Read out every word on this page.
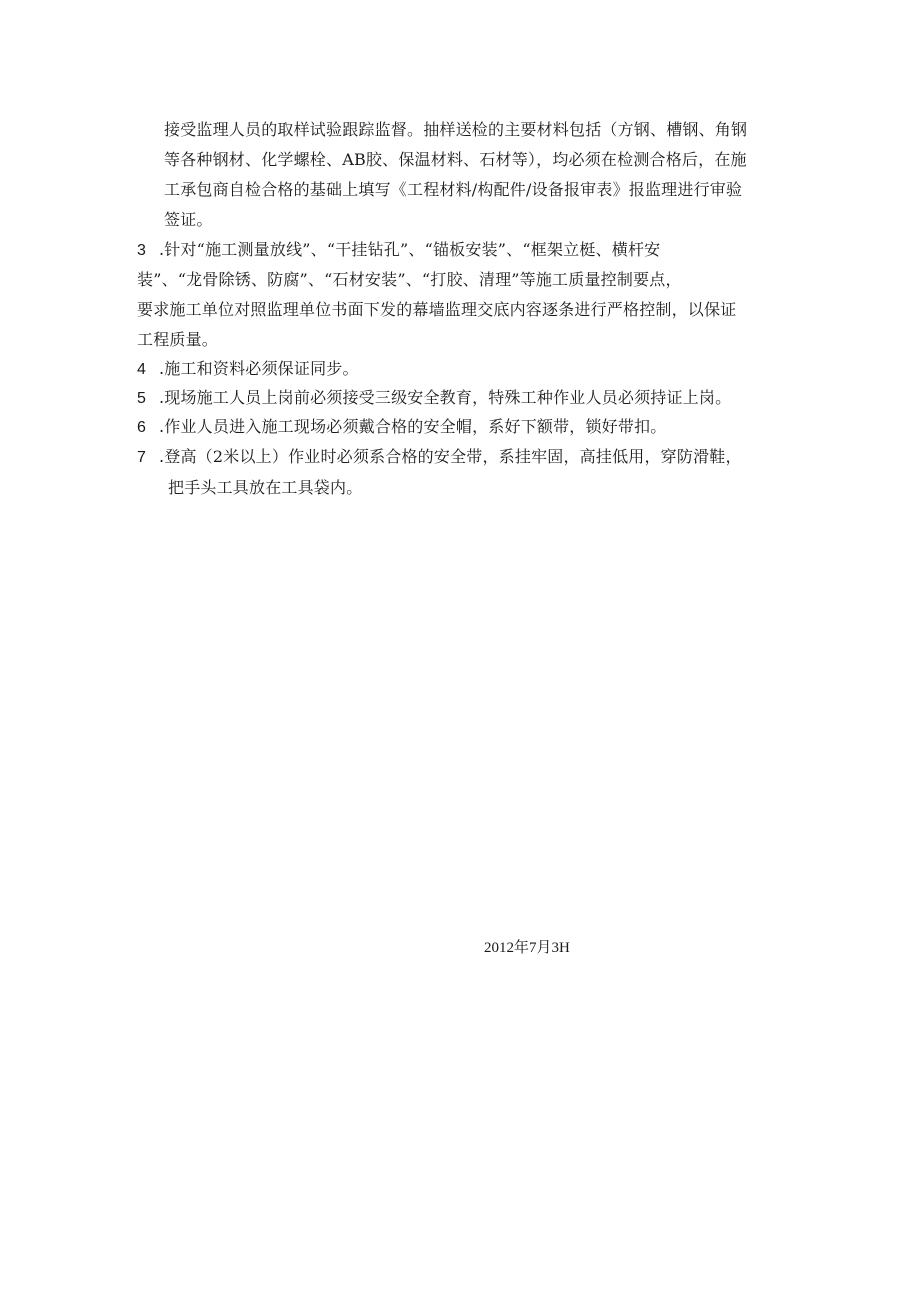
接受监理人员的取样试验跟踪监督。抽样送检的主要材料包括（方钢、槽钢、角钢
等各种钢材、化学螺栓、AB胶、保温材料、石材等），均必须在检测合格后，在施
工承包商自检合格的基础上填写《工程材料/构配件/设备报审表》报监理进行审验
签证。
3 .针对“施工测量放线”、“干挂钻孔”、“锚板安装”、“框架立梃、横杆安
装”、“龙骨除锈、防腐”、“石材安装”、“打胶、清理”等施工质量控制要点，
要求施工单位对照监理单位书面下发的幕墙监理交底内容逐条进行严格控制，以保证
工程质量。
4 .施工和资料必须保证同步。
5 .现场施工人员上岗前必须接受三级安全教育，特殊工种作业人员必须持证上岗。
6 .作业人员进入施工现场必须戴合格的安全帽，系好下额带，锁好带扣。
7 .登高（2米以上）作业时必须系合格的安全带，系挂牢固，高挂低用，穿防滑鞋，
把手头工具放在工具袋内。
2012年7月3H
